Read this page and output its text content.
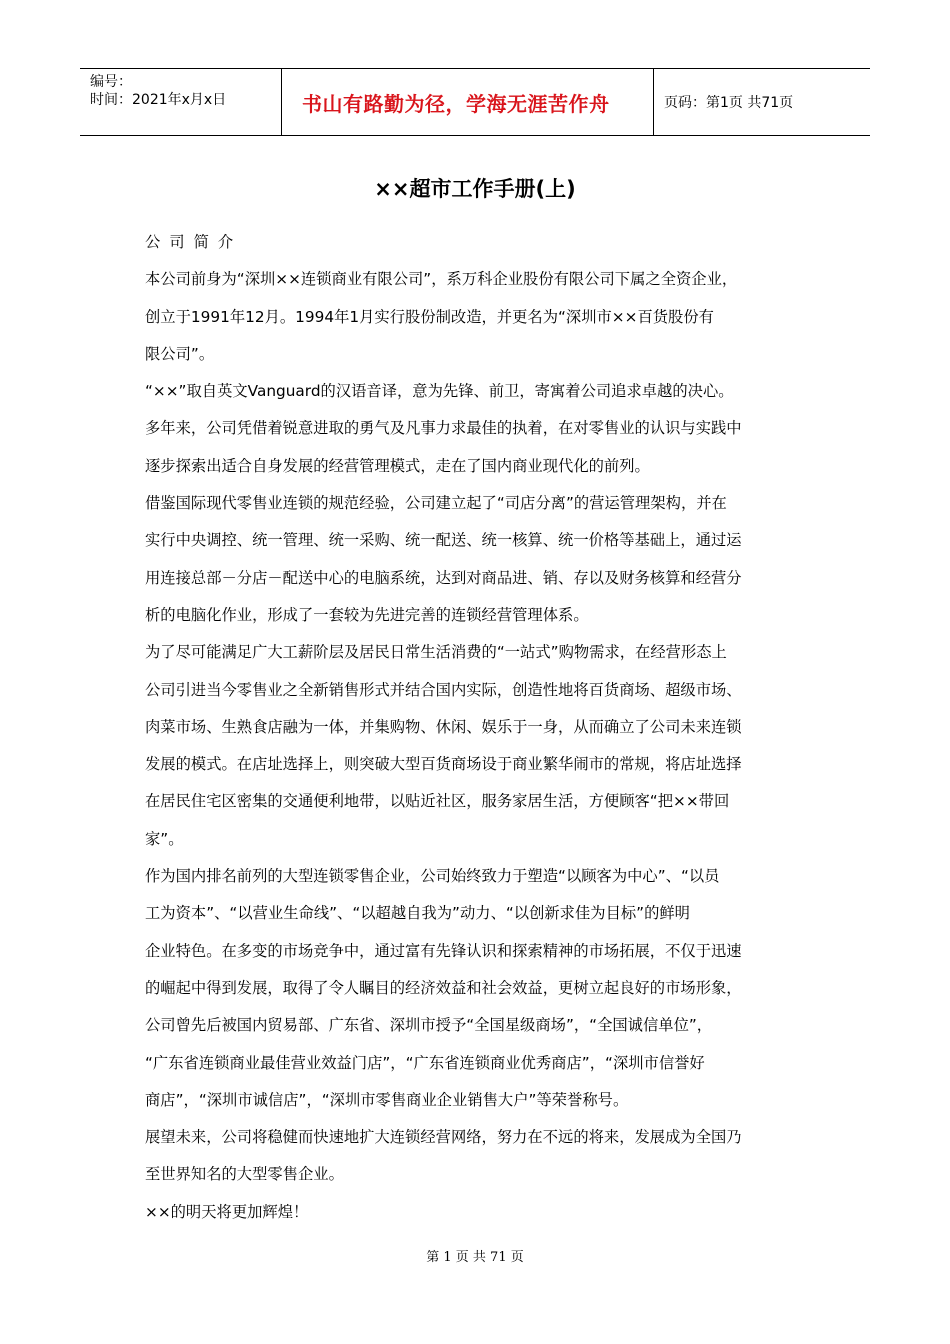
编号：
时间：2021年x月x日	书山有路勤为径，学海无涯苦作舟	页码：第1页 共71页
××超市工作手册(上)
公司简介
本公司前身为“深圳××连锁商业有限公司”，系万科企业股份有限公司下属之全资企业，
创立于1991年12月。1994年1月实行股份制改造，并更名为“深圳市××百货股份有
限公司”。
“××”取自英文Vanguard的汉语音译，意为先锋、前卫，寄寓着公司追求卓越的决心。
多年来，公司凭借着锐意进取的勇气及凡事力求最佳的执着，在对零售业的认识与实践中
逐步探索出适合自身发展的经营管理模式，走在了国内商业现代化的前列。
借鉴国际现代零售业连锁的规范经验，公司建立起了“司店分离”的营运管理架构，并在
实行中央调控、统一管理、统一采购、统一配送、统一核算、统一价格等基础上，通过运
用连接总部－分店－配送中心的电脑系统，达到对商品进、销、存以及财务核算和经营分
析的电脑化作业，形成了一套较为先进完善的连锁经营管理体系。
为了尽可能满足广大工薪阶层及居民日常生活消费的“一站式”购物需求，在经营形态上
公司引进当今零售业之全新销售形式并结合国内实际，创造性地将百货商场、超级市场、
肉菜市场、生熟食店融为一体，并集购物、休闲、娱乐于一身，从而确立了公司未来连锁
发展的模式。在店址选择上，则突破大型百货商场设于商业繁华闹市的常规，将店址选择
在居民住宅区密集的交通便利地带，以贴近社区，服务家居生活，方便顾客“把××带回
家”。
作为国内排名前列的大型连锁零售企业，公司始终致力于塑造“以顾客为中心”、“以员
工为资本”、“以营业生命线”、“以超越自我为”动力、“以创新求佳为目标”的鲜明
企业特色。在多变的市场竞争中，通过富有先锋认识和探索精神的市场拓展，不仅于迅速
的崛起中得到发展，取得了令人瞩目的经济效益和社会效益，更树立起良好的市场形象，
公司曾先后被国内贸易部、广东省、深圳市授予“全国星级商场”，“全国诚信单位”，
“广东省连锁商业最佳营业效益门店”，“广东省连锁商业优秀商店”，“深圳市信誉好
商店”，“深圳市诚信店”，“深圳市零售商业企业销售大户”等荣誉称号。
展望未来，公司将稳健而快速地扩大连锁经营网络，努力在不远的将来，发展成为全国乃
至世界知名的大型零售企业。
××的明天将更加辉煌！
第 1 页 共 71 页
